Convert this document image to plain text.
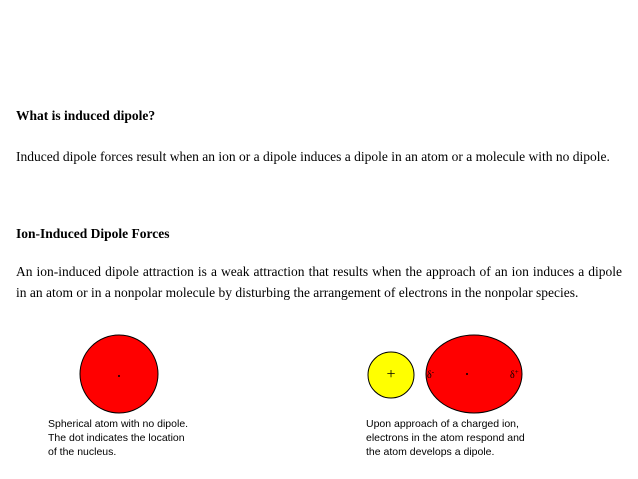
What is induced dipole?
Induced dipole forces result when an ion or a dipole induces a dipole in an atom or a molecule with no dipole.
Ion-Induced Dipole Forces
An ion-induced dipole attraction is a weak attraction that results when the approach of an ion induces a dipole in an atom or in a nonpolar molecule by disturbing the arrangement of electrons in the nonpolar species.
+	δ-	δ+
Spherical atom with no dipole.
The dot indicates the location
of the nucleus.
Upon approach of a charged ion,
electrons in the atom respond and
the atom develops a dipole.
